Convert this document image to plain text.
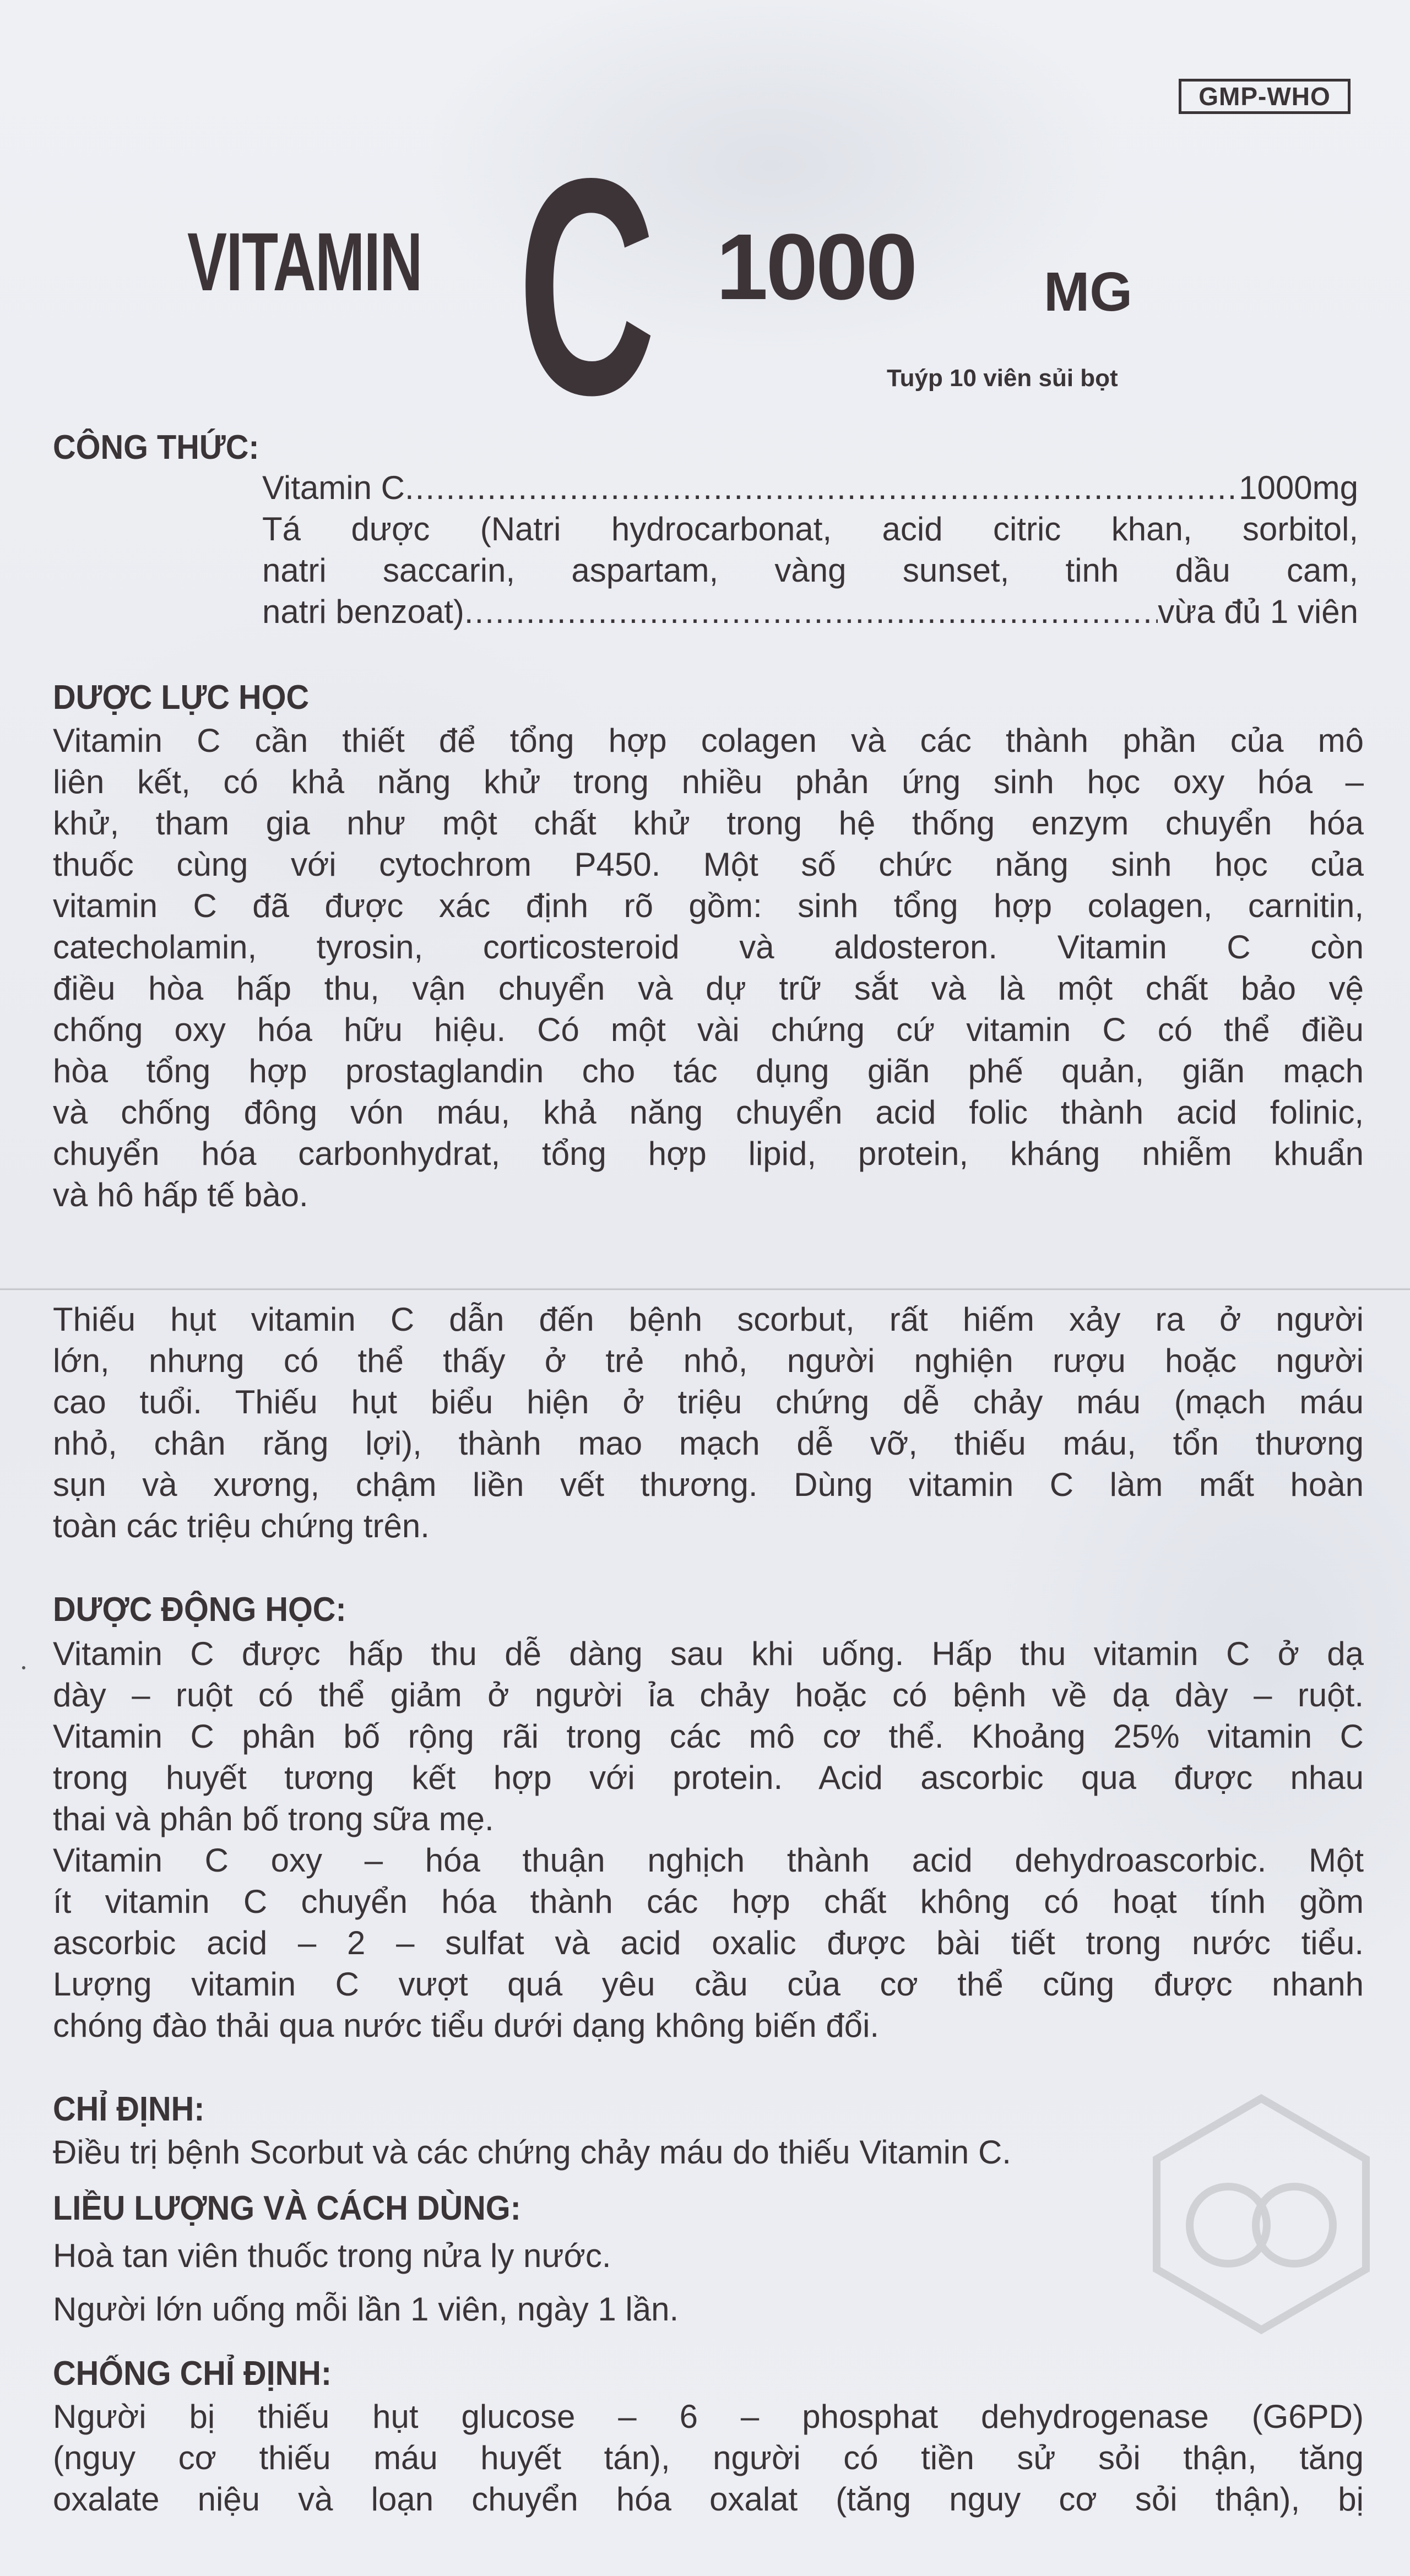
GMP-WHO
VITAMIN C 1000 MG
Tuýp 10 viên sủi bọt
CÔNG THỨC:
Vitamin C .....	1000mg
Tá dược (Natri hydrocarbonat, acid citric khan, sorbitol,
natri saccarin, aspartam, vàng sunset, tinh dầu cam,
natri benzoat) .....	vừa đủ 1 viên
DƯỢC LỰC HỌC
Vitamin C cần thiết để tổng hợp colagen và các thành phần của mô
liên kết, có khả năng khử trong nhiều phản ứng sinh học oxy hóa –
khử, tham gia như một chất khử trong hệ thống enzym chuyển hóa
thuốc cùng với cytochrom P450. Một số chức năng sinh học của
vitamin C đã được xác định rõ gồm: sinh tổng hợp colagen, carnitin,
catecholamin, tyrosin, corticosteroid và aldosteron. Vitamin C còn
điều hòa hấp thu, vận chuyển và dự trữ sắt và là một chất bảo vệ
chống oxy hóa hữu hiệu. Có một vài chứng cứ vitamin C có thể điều
hòa tổng hợp prostaglandin cho tác dụng giãn phế quản, giãn mạch
và chống đông vón máu, khả năng chuyển acid folic thành acid folinic,
chuyển hóa carbonhydrat, tổng hợp lipid, protein, kháng nhiễm khuẩn
và hô hấp tế bào.
Thiếu hụt vitamin C dẫn đến bệnh scorbut, rất hiếm xảy ra ở người
lớn, nhưng có thể thấy ở trẻ nhỏ, người nghiện rượu hoặc người
cao tuổi. Thiếu hụt biểu hiện ở triệu chứng dễ chảy máu (mạch máu
nhỏ, chân răng lợi), thành mao mạch dễ vỡ, thiếu máu, tổn thương
sụn và xương, chậm liền vết thương. Dùng vitamin C làm mất hoàn
toàn các triệu chứng trên.
DƯỢC ĐỘNG HỌC:
Vitamin C được hấp thu dễ dàng sau khi uống. Hấp thu vitamin C ở dạ
dày – ruột có thể giảm ở người ỉa chảy hoặc có bệnh về dạ dày – ruột.
Vitamin C phân bố rộng rãi trong các mô cơ thể. Khoảng 25% vitamin C
trong huyết tương kết hợp với protein. Acid ascorbic qua được nhau
thai và phân bố trong sữa mẹ.
Vitamin C oxy – hóa thuận nghịch thành acid dehydroascorbic. Một
ít vitamin C chuyển hóa thành các hợp chất không có hoạt tính gồm
ascorbic acid – 2 – sulfat và acid oxalic được bài tiết trong nước tiểu.
Lượng vitamin C vượt quá yêu cầu của cơ thể cũng được nhanh
chóng đào thải qua nước tiểu dưới dạng không biến đổi.
CHỈ ĐỊNH:
Điều trị bệnh Scorbut và các chứng chảy máu do thiếu Vitamin C.
LIỀU LƯỢNG VÀ CÁCH DÙNG:
Hoà tan viên thuốc trong nửa ly nước.
Người lớn uống mỗi lần 1 viên, ngày 1 lần.
CHỐNG CHỈ ĐỊNH:
Người bị thiếu hụt glucose – 6 – phosphat dehydrogenase (G6PD)
(nguy cơ thiếu máu huyết tán), người có tiền sử sỏi thận, tăng
oxalate niệu và loạn chuyển hóa oxalat (tăng nguy cơ sỏi thận), bị
